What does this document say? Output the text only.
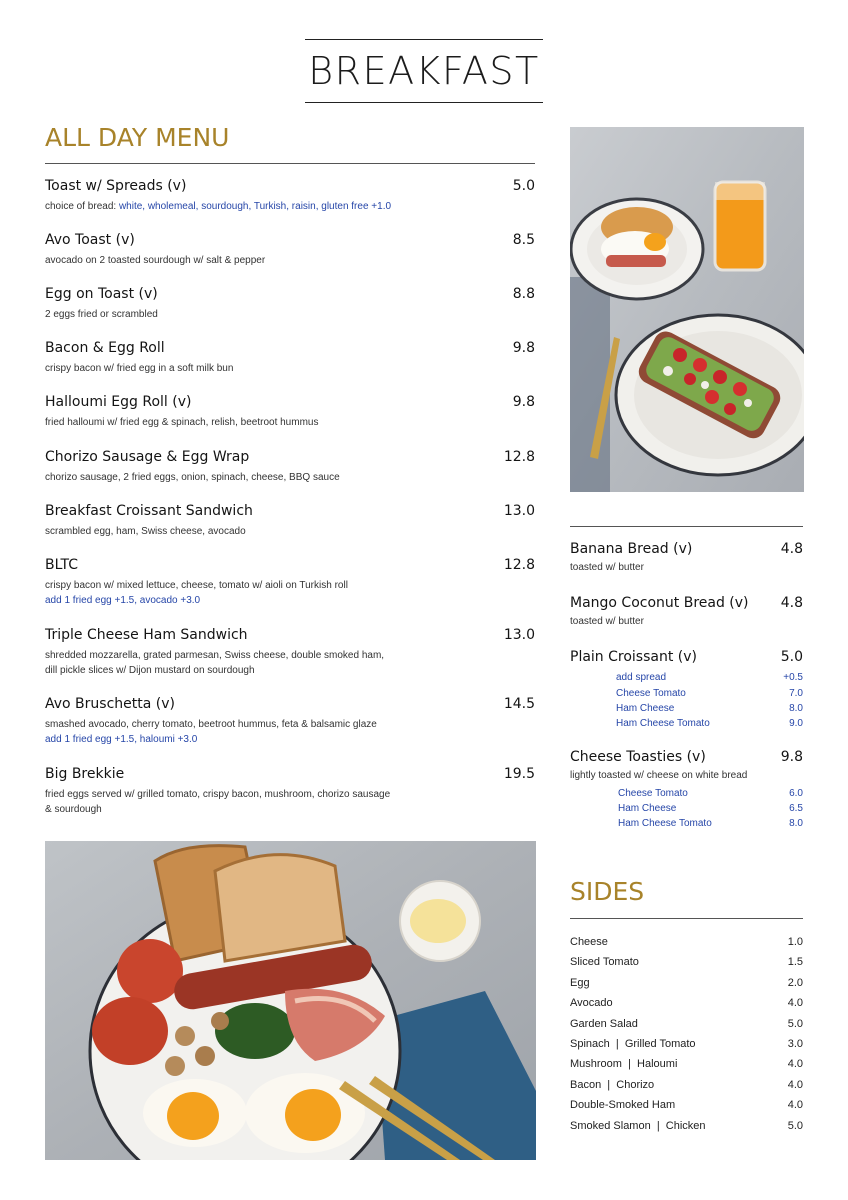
BREAKFAST
ALL DAY MENU
Toast w/ Spreads (v)	5.0
choice of bread: white, wholemeal, sourdough, Turkish, raisin, gluten free +1.0
Avo Toast (v)	8.5
avocado on 2 toasted sourdough w/ salt & pepper
Egg on Toast (v)	8.8
2 eggs fried or scrambled
Bacon & Egg Roll	9.8
crispy bacon w/ fried egg in a soft milk bun
Halloumi Egg Roll (v)	9.8
fried halloumi w/ fried egg & spinach, relish, beetroot hummus
Chorizo Sausage & Egg Wrap	12.8
chorizo sausage, 2 fried eggs, onion, spinach, cheese, BBQ sauce
Breakfast Croissant Sandwich	13.0
scrambled egg, ham, Swiss cheese, avocado
BLTC	12.8
crispy bacon w/ mixed lettuce, cheese, tomato w/ aioli on Turkish roll
add 1 fried egg +1.5, avocado +3.0
Triple Cheese Ham Sandwich	13.0
shredded mozzarella, grated parmesan, Swiss cheese, double smoked ham,
dill pickle slices w/ Dijon mustard on sourdough
Avo Bruschetta (v)	14.5
smashed avocado, cherry tomato, beetroot hummus, feta & balsamic glaze
add 1 fried egg +1.5, haloumi +3.0
Big Brekkie	19.5
fried eggs served w/ grilled tomato, crispy bacon, mushroom, chorizo sausage
& sourdough
Banana Bread (v)	4.8
toasted w/ butter
Mango Coconut Bread (v)	4.8
toasted w/ butter
Plain Croissant (v)	5.0
add spread	+0.5
Cheese Tomato	7.0
Ham Cheese	8.0
Ham Cheese Tomato	9.0
Cheese Toasties (v)	9.8
lightly toasted w/ cheese on white bread
Cheese Tomato	6.0
Ham Cheese	6.5
Ham Cheese Tomato	8.0
SIDES
Cheese	1.0
Sliced Tomato	1.5
Egg	2.0
Avocado	4.0
Garden Salad	5.0
Spinach  |  Grilled Tomato	3.0
Mushroom  |  Haloumi	4.0
Bacon  |  Chorizo	4.0
Double-Smoked Ham	4.0
Smoked Slamon  |  Chicken	5.0
